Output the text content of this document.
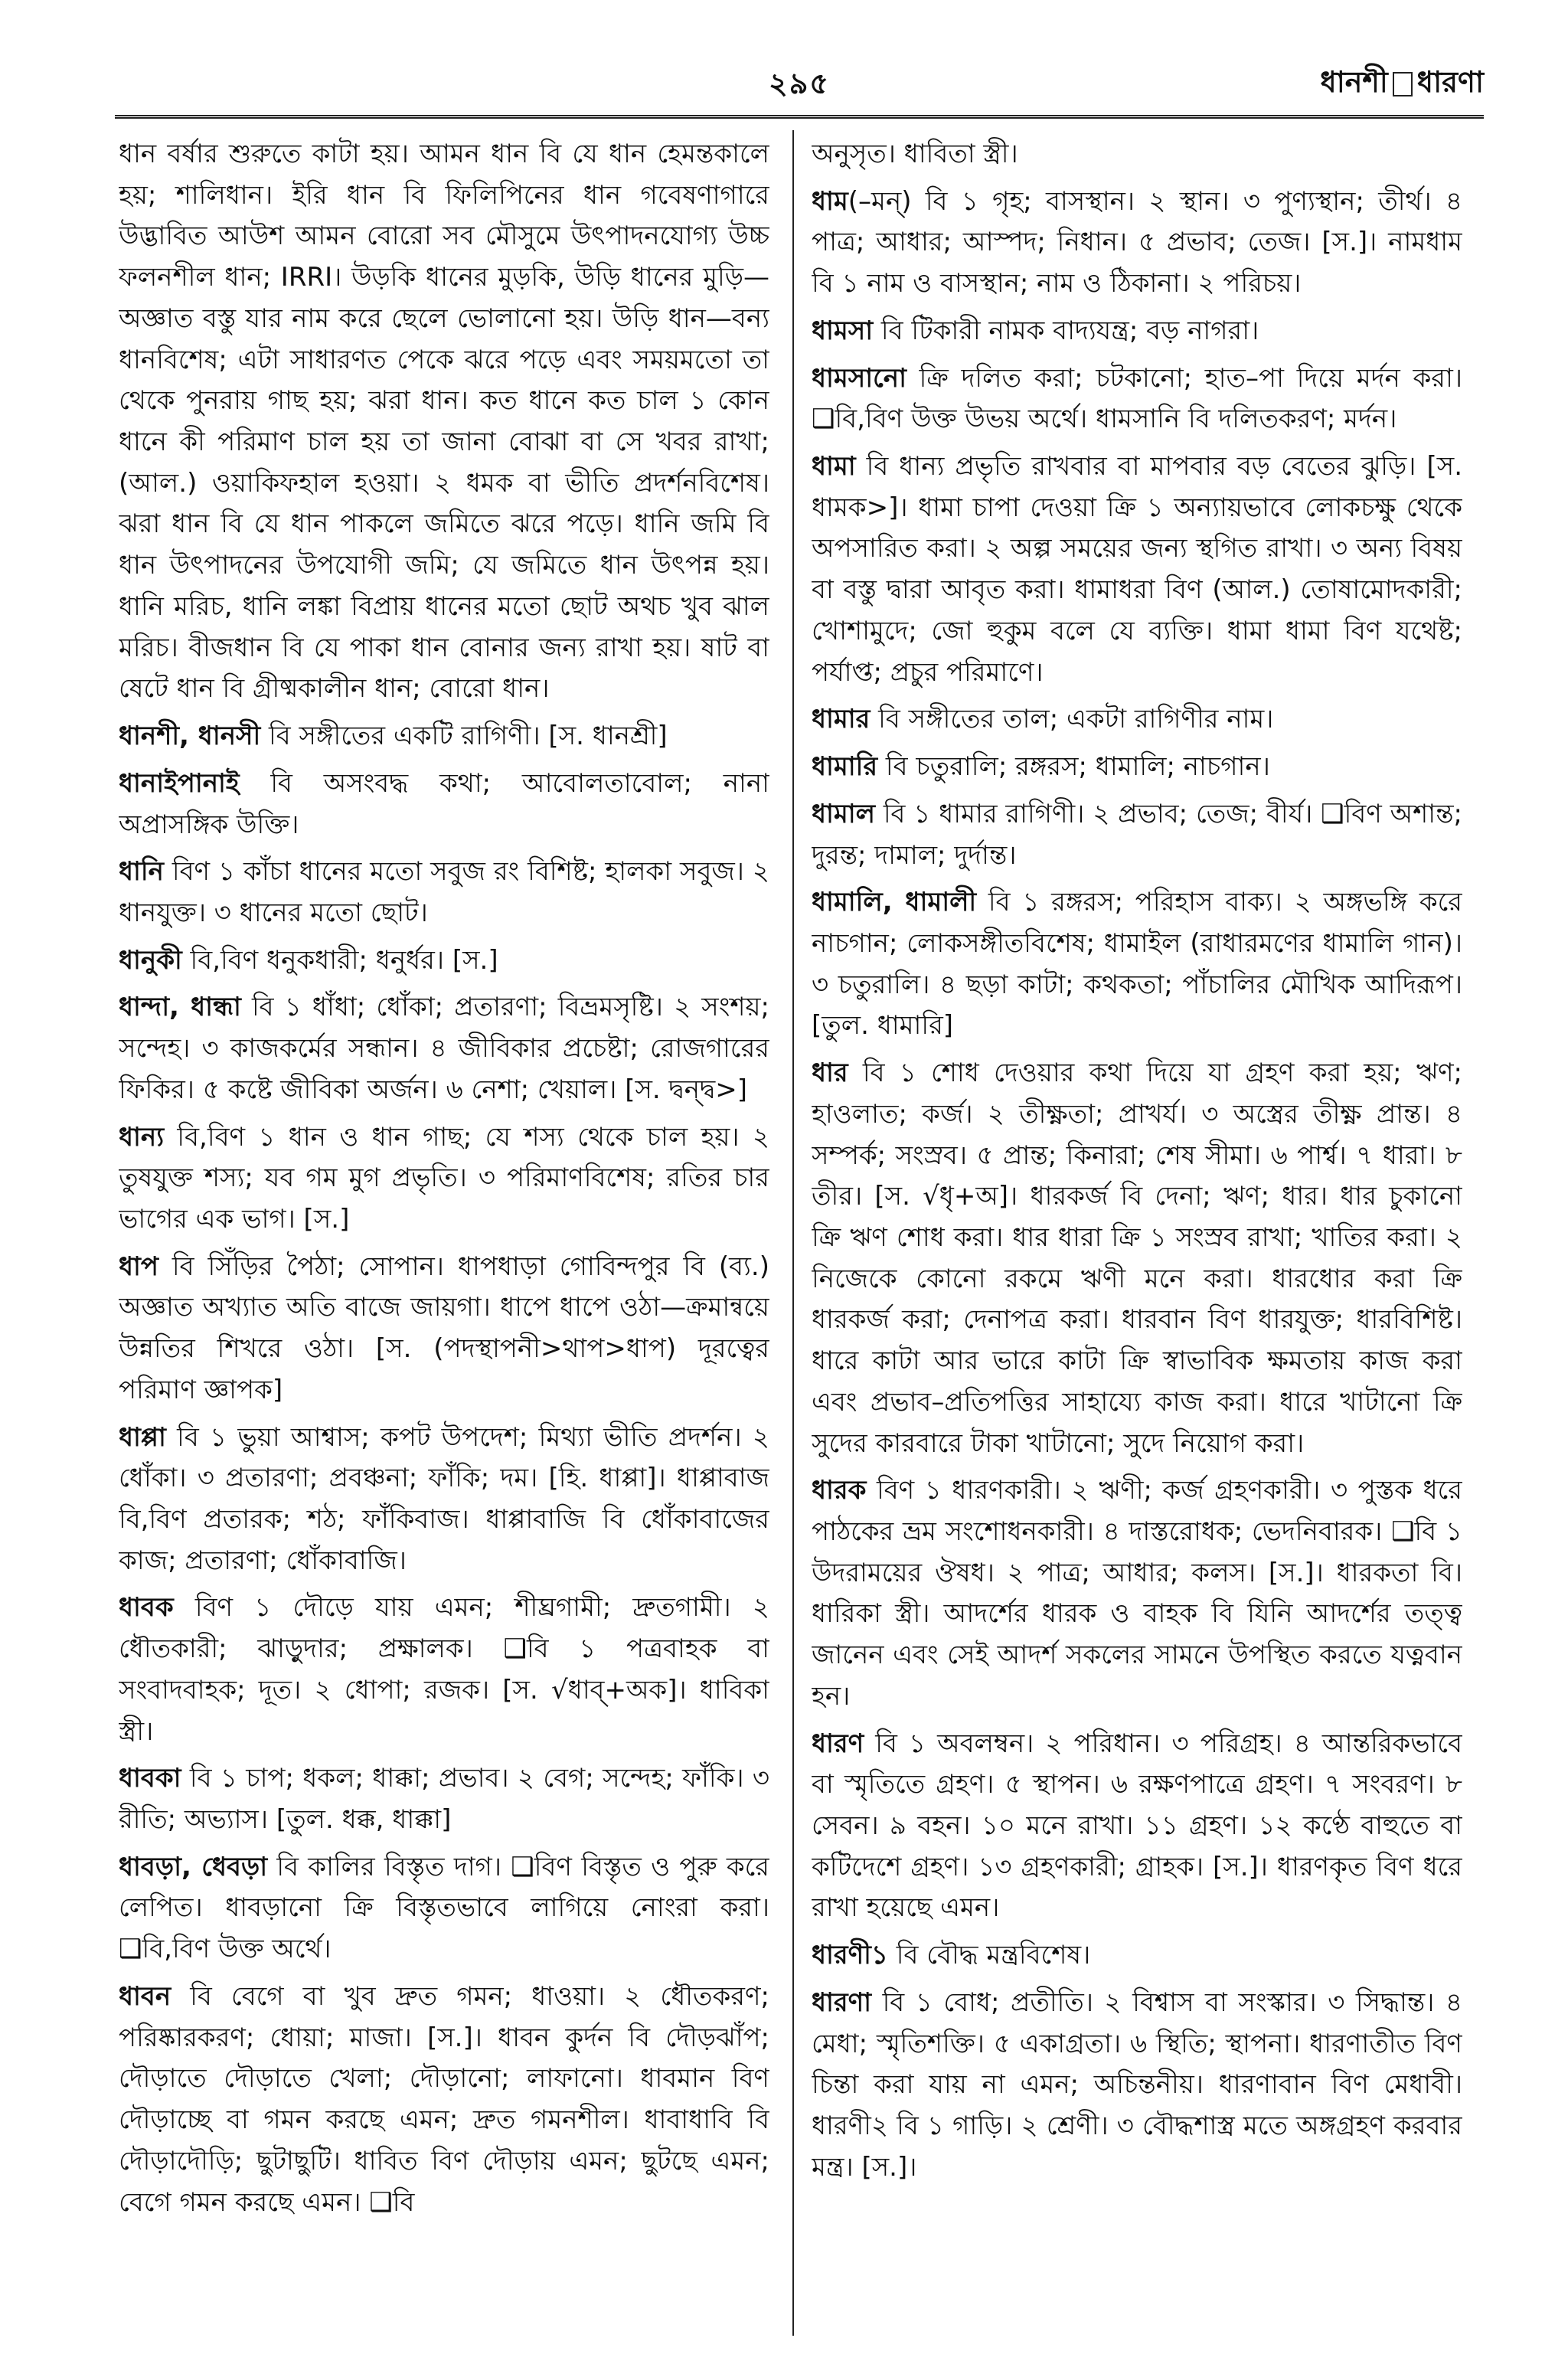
২৯৫	ধানশী ধারণা

ধান বর্ষার শুরুতে কাটা হয়। আমন ধান বি যে ধান হেমন্তকালে হয়; শালিধান। ইরি ধান বি ফিলিপিনের ধান গবেষণাগারে উদ্ভাবিত আউশ আমন বোরো সব মৌসুমে উৎপাদনযোগ্য উচ্চ ফলনশীল ধান; IRRI। উড়কি ধানের মুড়কি, উড়ি ধানের মুড়ি—অজ্ঞাত বস্তু যার নাম করে ছেলে ভোলানো হয়। উড়ি ধান—বন্য ধানবিশেষ; এটা সাধারণত পেকে ঝরে পড়ে এবং সময়মতো তা থেকে পুনরায় গাছ হয়; ঝরা ধান। কত ধানে কত চাল ১ কোন ধানে কী পরিমাণ চাল হয় তা জানা বোঝা বা সে খবর রাখা; (আল.) ওয়াকিফহাল হওয়া। ২ ধমক বা ভীতি প্রদর্শনবিশেষ। ঝরা ধান বি যে ধান পাকলে জমিতে ঝরে পড়ে। ধানি জমি বি ধান উৎপাদনের উপযোগী জমি; যে জমিতে ধান উৎপন্ন হয়। ধানি মরিচ, ধানি লঙ্কা বিপ্রায় ধানের মতো ছোট অথচ খুব ঝাল মরিচ। বীজধান বি যে পাকা ধান বোনার জন্য রাখা হয়। ষাট বা ষেটে ধান বি গ্রীষ্মকালীন ধান; বোরো ধান।

ধানশী, ধানসী বি সঙ্গীতের একটি রাগিণী। [স. ধানশ্রী]

ধানাইপানাই বি অসংবদ্ধ কথা; আবোলতাবোল; নানা অপ্রাসঙ্গিক উক্তি।

ধানি বিণ ১ কাঁচা ধানের মতো সবুজ রং বিশিষ্ট; হালকা সবুজ। ২ ধানযুক্ত। ৩ ধানের মতো ছোট।

ধানুকী বি,বিণ ধনুকধারী; ধনুর্ধর। [স.]

ধান্দা, ধান্ধা বি ১ ধাঁধা; ধোঁকা; প্রতারণা; বিভ্রমসৃষ্টি। ২ সংশয়; সন্দেহ। ৩ কাজকর্মের সন্ধান। ৪ জীবিকার প্রচেষ্টা; রোজগারের ফিকির। ৫ কষ্টে জীবিকা অর্জন। ৬ নেশা; খেয়াল। [স. দ্বন্দ্ব>]

ধান্য বি,বিণ ১ ধান ও ধান গাছ; যে শস্য থেকে চাল হয়। ২ তুষযুক্ত শস্য; যব গম মুগ প্রভৃতি। ৩ পরিমাণবিশেষ; রতির চার ভাগের এক ভাগ। [স.]

ধাপ বি সিঁড়ির পৈঠা; সোপান। ধাপধাড়া গোবিন্দপুর বি (ব্য.) অজ্ঞাত অখ্যাত অতি বাজে জায়গা। ধাপে ধাপে ওঠা—ক্রমান্বয়ে উন্নতির শিখরে ওঠা। [স. (পদস্থাপনী>থাপ>ধাপ) দূরত্বের পরিমাণ জ্ঞাপক]

ধাপ্পা বি ১ ভুয়া আশ্বাস; কপট উপদেশ; মিথ্যা ভীতি প্রদর্শন। ২ ধোঁকা। ৩ প্রতারণা; প্রবঞ্চনা; ফাঁকি; দম। [হি. ধাপ্পা]। ধাপ্পাবাজ বি,বিণ প্রতারক; শঠ; ফাঁকিবাজ। ধাপ্পাবাজি বি ধোঁকাবাজের কাজ; প্রতারণা; ধোঁকাবাজি।

ধাবক বিণ ১ দৌড়ে যায় এমন; শীঘ্রগামী; দ্রুতগামী। ২ ধৌতকারী; ঝাড়ুদার; প্রক্ষালক। ❑বি ১ পত্রবাহক বা সংবাদবাহক; দূত। ২ ধোপা; রজক। [স. √ধাব্+অক]। ধাবিকা স্ত্রী।

ধাবকা বি ১ চাপ; ধকল; ধাক্কা; প্রভাব। ২ বেগ; সন্দেহ; ফাঁকি। ৩ রীতি; অভ্যাস। [তুল. ধক্ক, ধাক্কা]

ধাবড়া, ধেবড়া বি কালির বিস্তৃত দাগ। ❑বিণ বিস্তৃত ও পুরু করে লেপিত। ধাবড়ানো ক্রি বিস্তৃতভাবে লাগিয়ে নোংরা করা। ❑বি,বিণ উক্ত অর্থে।

ধাবন বি বেগে বা খুব দ্রুত গমন; ধাওয়া। ২ ধৌতকরণ; পরিষ্কারকরণ; ধোয়া; মাজা। [স.]। ধাবন কুর্দন বি দৌড়ঝাঁপ; দৌড়াতে দৌড়াতে খেলা; দৌড়ানো; লাফানো। ধাবমান বিণ দৌড়াচ্ছে বা গমন করছে এমন; দ্রুত গমনশীল। ধাবাধাবি বি দৌড়াদৌড়ি; ছুটাছুটি। ধাবিত বিণ দৌড়ায় এমন; ছুটছে এমন; বেগে গমন করছে এমন। ❑বি

অনুসৃত। ধাবিতা স্ত্রী।

ধাম(–মন্) বি ১ গৃহ; বাসস্থান। ২ স্থান। ৩ পুণ্যস্থান; তীর্থ। ৪ পাত্র; আধার; আস্পদ; নিধান। ৫ প্রভাব; তেজ। [স.]। নামধাম বি ১ নাম ও বাসস্থান; নাম ও ঠিকানা। ২ পরিচয়।

ধামসা বি টিকারী নামক বাদ্যযন্ত্র; বড় নাগরা।

ধামসানো ক্রি দলিত করা; চটকানো; হাত–পা দিয়ে মর্দন করা। ❑বি,বিণ উক্ত উভয় অর্থে। ধামসানি বি দলিতকরণ; মর্দন।

ধামা বি ধান্য প্রভৃতি রাখবার বা মাপবার বড় বেতের ঝুড়ি। [স. ধামক>]। ধামা চাপা দেওয়া ক্রি ১ অন্যায়ভাবে লোকচক্ষু থেকে অপসারিত করা। ২ অল্প সময়ের জন্য স্থগিত রাখা। ৩ অন্য বিষয় বা বস্তু দ্বারা আবৃত করা। ধামাধরা বিণ (আল.) তোষামোদকারী; খোশামুদে; জো হুকুম বলে যে ব্যক্তি। ধামা ধামা বিণ যথেষ্ট; পর্যাপ্ত; প্রচুর পরিমাণে।

ধামার বি সঙ্গীতের তাল; একটা রাগিণীর নাম।

ধামারি বি চতুরালি; রঙ্গরস; ধামালি; নাচগান।

ধামাল বি ১ ধামার রাগিণী। ২ প্রভাব; তেজ; বীর্য। ❑বিণ অশান্ত; দুরন্ত; দামাল; দুর্দান্ত।

ধামালি, ধামালী বি ১ রঙ্গরস; পরিহাস বাক্য। ২ অঙ্গভঙ্গি করে নাচগান; লোকসঙ্গীতবিশেষ; ধামাইল (রাধারমণের ধামালি গান)। ৩ চতুরালি। ৪ ছড়া কাটা; কথকতা; পাঁচালির মৌখিক আদিরূপ। [তুল. ধামারি]

ধার বি ১ শোধ দেওয়ার কথা দিয়ে যা গ্রহণ করা হয়; ঋণ; হাওলাত; কর্জ। ২ তীক্ষ্ণতা; প্রাখর্য। ৩ অস্ত্রের তীক্ষ্ণ প্রান্ত। ৪ সম্পর্ক; সংস্রব। ৫ প্রান্ত; কিনারা; শেষ সীমা। ৬ পার্শ্ব। ৭ ধারা। ৮ তীর। [স. √ধৃ+অ]। ধারকর্জ বি দেনা; ঋণ; ধার। ধার চুকানো ক্রি ঋণ শোধ করা। ধার ধারা ক্রি ১ সংস্রব রাখা; খাতির করা। ২ নিজেকে কোনো রকমে ঋণী মনে করা। ধারধোর করা ক্রি ধারকর্জ করা; দেনাপত্র করা। ধারবান বিণ ধারযুক্ত; ধারবিশিষ্ট। ধারে কাটা আর ভারে কাটা ক্রি স্বাভাবিক ক্ষমতায় কাজ করা এবং প্রভাব–প্রতিপত্তির সাহায্যে কাজ করা। ধারে খাটানো ক্রি সুদের কারবারে টাকা খাটানো; সুদে নিয়োগ করা।

ধারক বিণ ১ ধারণকারী। ২ ঋণী; কর্জ গ্রহণকারী। ৩ পুস্তক ধরে পাঠকের ভ্রম সংশোধনকারী। ৪ দাস্তরোধক; ভেদনিবারক। ❑বি ১ উদরাময়ের ঔষধ। ২ পাত্র; আধার; কলস। [স.]। ধারকতা বি। ধারিকা স্ত্রী। আদর্শের ধারক ও বাহক বি যিনি আদর্শের তত্ত্ব জানেন এবং সেই আদর্শ সকলের সামনে উপস্থিত করতে যত্নবান হন।

ধারণ বি ১ অবলম্বন। ২ পরিধান। ৩ পরিগ্রহ। ৪ আন্তরিকভাবে বা স্মৃতিতে গ্রহণ। ৫ স্থাপন। ৬ রক্ষণপাত্রে গ্রহণ। ৭ সংবরণ। ৮ সেবন। ৯ বহন। ১০ মনে রাখা। ১১ গ্রহণ। ১২ কণ্ঠে বাহুতে বা কটিদেশে গ্রহণ। ১৩ গ্রহণকারী; গ্রাহক। [স.]। ধারণকৃত বিণ ধরে রাখা হয়েছে এমন।

ধারণী১ বি বৌদ্ধ মন্ত্রবিশেষ।

ধারণা বি ১ বোধ; প্রতীতি। ২ বিশ্বাস বা সংস্কার। ৩ সিদ্ধান্ত। ৪ মেধা; স্মৃতিশক্তি। ৫ একাগ্রতা। ৬ স্থিতি; স্থাপনা। ধারণাতীত বিণ চিন্তা করা যায় না এমন; অচিন্তনীয়। ধারণাবান বিণ মেধাবী। ধারণী২ বি ১ গাড়ি। ২ শ্রেণী। ৩ বৌদ্ধশাস্ত্র মতে অঙ্গগ্রহণ করবার মন্ত্র। [স.]।
